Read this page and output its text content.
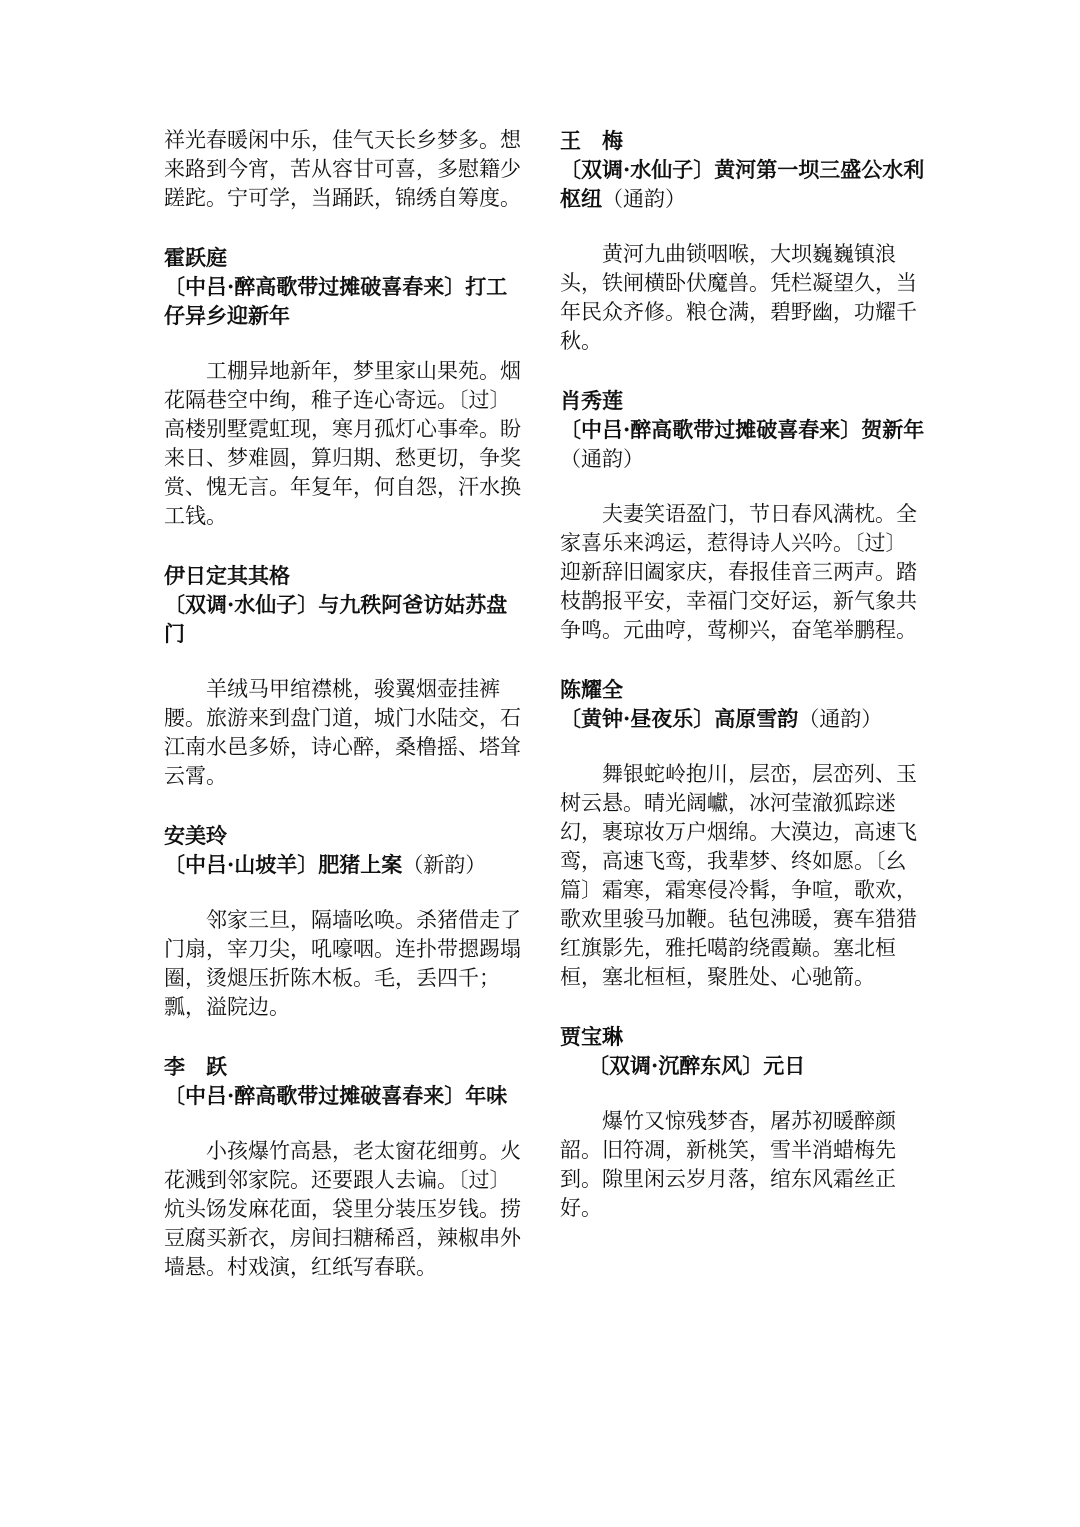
祥光春暖闲中乐，佳气天长乡梦多。想来路到今宵，苦从容甘可喜，多慰籍少蹉跎。宁可学，当踊跃，锦绣自筹度。

霍跃庭

〔中吕·醉高歌带过摊破喜春来〕打工仔异乡迎新年

工棚异地新年，梦里家山果苑。烟花隔巷空中绚，稚子连心寄远。〔过〕高楼别墅霓虹现，寒月孤灯心事牵。盼来日、梦难圆，算归期、愁更切，争奖赏、愧无言。年复年，何自怨，汗水换工钱。

伊日定其其格

〔双调·水仙子〕与九秩阿爸访姑苏盘门

羊绒马甲绾襟桃，骏翼烟壶挂裤腰。旅游来到盘门道，城门水陆交，石江南水邑多娇，诗心醉，桑橹摇、塔耸云霄。

安美玲

〔中吕·山坡羊〕肥猪上案（新韵）

邻家三旦，隔墙吆唤。杀猪借走了门扇，宰刀尖，吼嚎咽。连扑带摁踢塌圈，烫煺压折陈木板。毛，丢四千；瓢，溢院边。

李　跃

〔中吕·醉高歌带过摊破喜春来〕年味

小孩爆竹高悬，老太窗花细剪。火花溅到邻家院。还要跟人去谝。〔过〕炕头饧发麻花面，袋里分装压岁钱。捞豆腐买新衣，房间扫糖稀舀，辣椒串外墙悬。村戏演，红纸写春联。

王　梅

〔双调·水仙子〕黄河第一坝三盛公水利枢纽（通韵）

黄河九曲锁咽喉，大坝巍巍镇浪头，铁闸横卧伏魔兽。凭栏凝望久，当年民众齐修。粮仓满，碧野幽，功耀千秋。

肖秀莲

〔中吕·醉高歌带过摊破喜春来〕贺新年（通韵）

夫妻笑语盈门，节日春风满枕。全家喜乐来鸿运，惹得诗人兴吟。〔过〕迎新辞旧阖家庆，春报佳音三两声。踏枝鹊报平安，幸福门交好运，新气象共争鸣。元曲哼，莺柳兴，奋笔举鹏程。

陈耀全

〔黄钟·昼夜乐〕高原雪韵（通韵）

舞银蛇岭抱川，层峦，层峦列、玉树云悬。晴光阔巘，冰河莹澈狐踪迷幻，裹琼妆万户烟绵。大漠边，高速飞鸾，高速飞鸾，我辈梦、终如愿。〔幺篇〕霜寒，霜寒侵冷髯，争喧，歌欢，歌欢里骏马加鞭。毡包沸暖，赛车猎猎红旗影先，雅托噶韵绕霞巅。塞北桓桓，塞北桓桓，聚胜处、心驰箭。

贾宝琳

〔双调·沉醉东风〕元日

爆竹又惊残梦杳，屠苏初暖醉颜韶。旧符凋，新桃笑，雪半消蜡梅先到。隙里闲云岁月落，绾东风霜丝正好。
